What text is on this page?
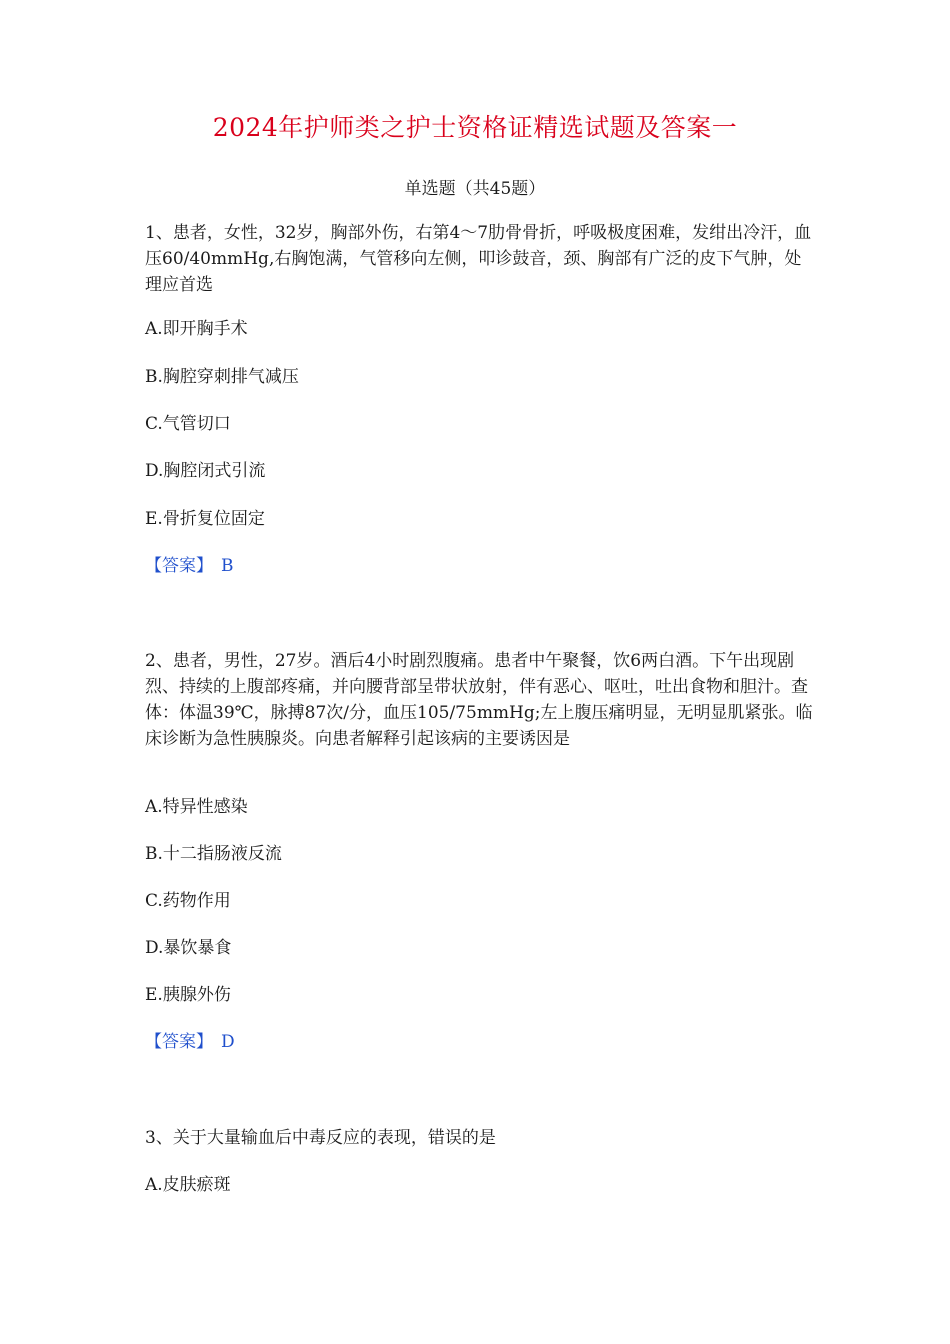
2024年护师类之护士资格证精选试题及答案一
单选题（共45题）

1、患者，女性，32岁，胸部外伤，右第4～7肋骨骨折，呼吸极度困难，发绀出冷汗，血压60/40mmHg,右胸饱满，气管移向左侧，叩诊鼓音，颈、胸部有广泛的皮下气肿，处理应首选

A.即开胸手术

B.胸腔穿刺排气减压

C.气管切口

D.胸腔闭式引流

E.骨折复位固定

【答案】 B

2、患者，男性，27岁。酒后4小时剧烈腹痛。患者中午聚餐，饮6两白酒。下午出现剧烈、持续的上腹部疼痛，并向腰背部呈带状放射，伴有恶心、呕吐，吐出食物和胆汁。查体：体温39℃，脉搏87次/分，血压105/75mmHg;左上腹压痛明显，无明显肌紧张。临床诊断为急性胰腺炎。向患者解释引起该病的主要诱因是

A.特异性感染

B.十二指肠液反流

C.药物作用

D.暴饮暴食

E.胰腺外伤

【答案】 D

3、关于大量输血后中毒反应的表现，错误的是

A.皮肤瘀斑
